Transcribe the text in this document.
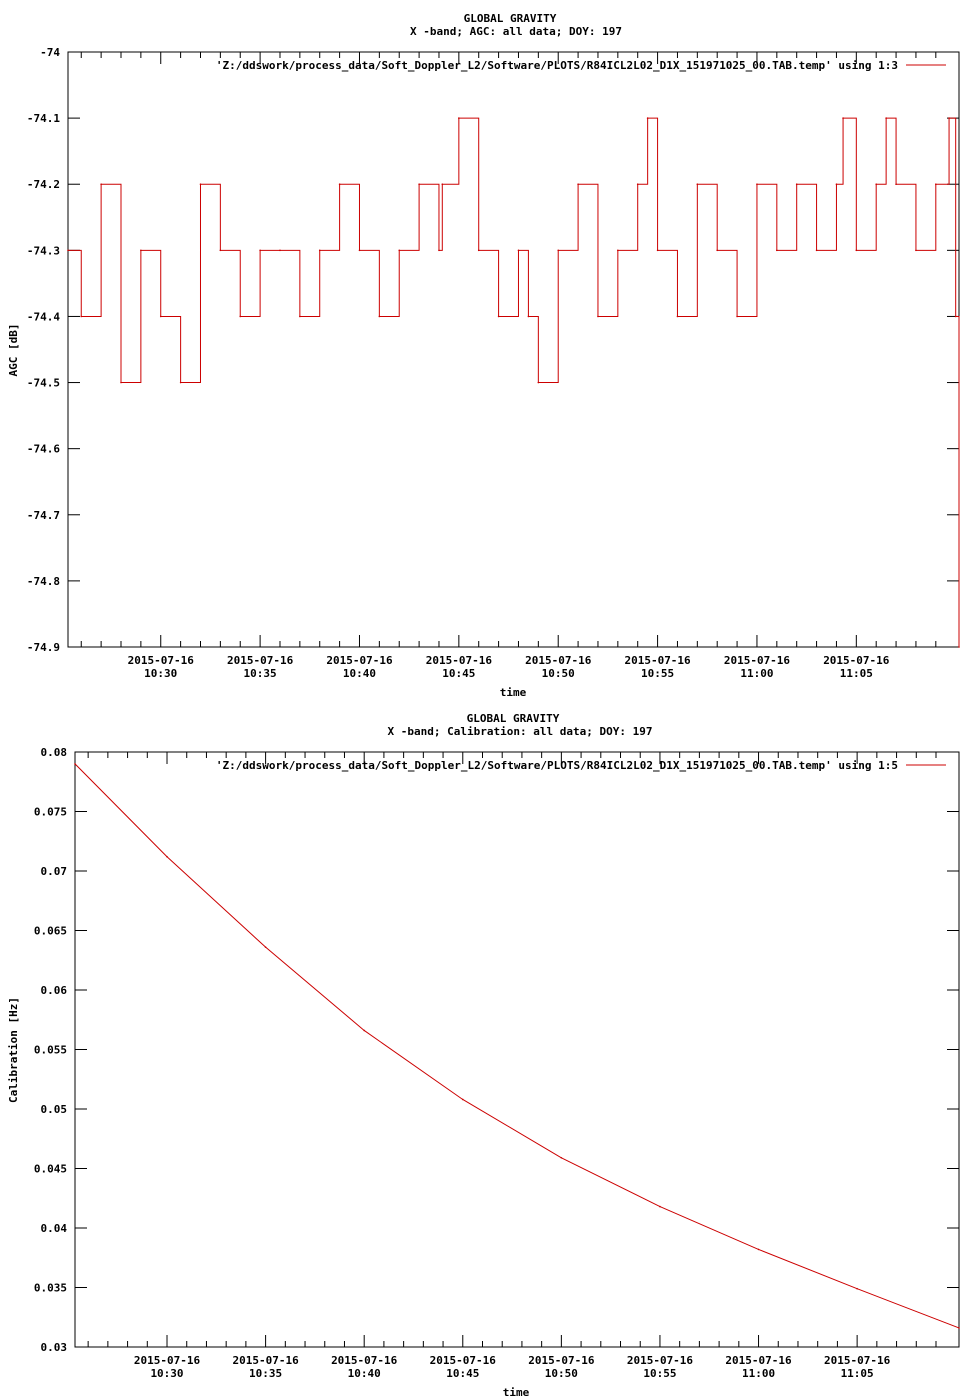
GLOBAL GRAVITY
X -band; AGC: all data; DOY: 197
AGC [dB]
time
'Z:/ddswork/process_data/Soft_Doppler_L2/Software/PLOTS/R84ICL2L02_D1X_151971025_00.TAB.temp' using 1:3
-74
-74.1
-74.2
-74.3
-74.4
-74.5
-74.6
-74.7
-74.8
-74.9
2015-07-16
10:30
2015-07-16
10:35
2015-07-16
10:40
2015-07-16
10:45
2015-07-16
10:50
2015-07-16
10:55
2015-07-16
11:00
2015-07-16
11:05
GLOBAL GRAVITY
X -band; Calibration: all data; DOY: 197
Calibration [Hz]
time
'Z:/ddswork/process_data/Soft_Doppler_L2/Software/PLOTS/R84ICL2L02_D1X_151971025_00.TAB.temp' using 1:5
0.08
0.075
0.07
0.065
0.06
0.055
0.05
0.045
0.04
0.035
0.03
2015-07-16
10:30
2015-07-16
10:35
2015-07-16
10:40
2015-07-16
10:45
2015-07-16
10:50
2015-07-16
10:55
2015-07-16
11:00
2015-07-16
11:05
